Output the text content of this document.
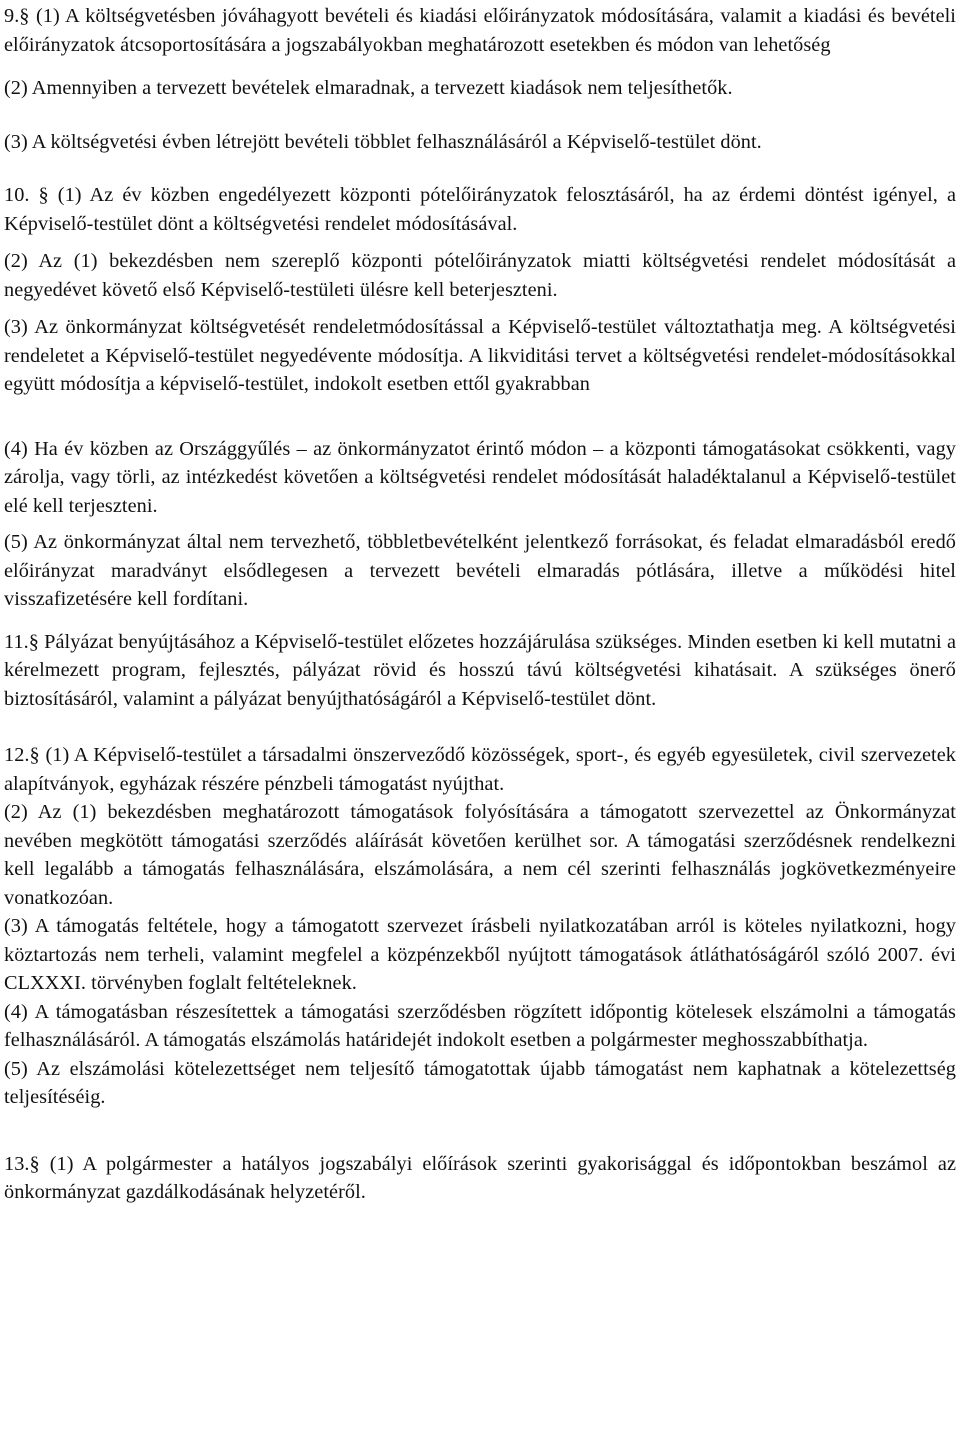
9.§ (1) A költségvetésben jóváhagyott bevételi és kiadási előirányzatok módosítására, valamit a kiadási és bevételi előirányzatok átcsoportosítására a jogszabályokban meghatározott esetekben és módon van lehetőség

(2) Amennyiben a tervezett bevételek elmaradnak, a tervezett kiadások nem teljesíthetők.

(3) A költségvetési évben létrejött bevételi többlet felhasználásáról a Képviselő-testület dönt.

10. § (1) Az év közben engedélyezett központi pótelőirányzatok felosztásáról, ha az érdemi döntést igényel, a Képviselő-testület dönt a költségvetési rendelet módosításával.

(2) Az (1) bekezdésben nem szereplő központi pótelőirányzatok miatti költségvetési rendelet módosítását a negyedévet követő első Képviselő-testületi ülésre kell beterjeszteni.

(3) Az önkormányzat költségvetését rendeletmódosítással a Képviselő-testület változtathatja meg. A költségvetési rendeletet a Képviselő-testület negyedévente módosítja. A likviditási tervet a költségvetési rendelet-módosításokkal együtt módosítja a képviselő-testület, indokolt esetben ettől gyakrabban

(4) Ha év közben az Országgyűlés – az önkormányzatot érintő módon – a központi támogatásokat csökkenti, vagy zárolja, vagy törli, az intézkedést követően a költségvetési rendelet módosítását haladéktalanul a Képviselő-testület elé kell terjeszteni.

(5) Az önkormányzat által nem tervezhető, többletbevételként jelentkező forrásokat, és feladat elmaradásból eredő előirányzat maradványt elsődlegesen a tervezett bevételi elmaradás pótlására, illetve a működési hitel visszafizetésére kell fordítani.

11.§ Pályázat benyújtásához a Képviselő-testület előzetes hozzájárulása szükséges. Minden esetben ki kell mutatni a kérelmezett program, fejlesztés, pályázat rövid és hosszú távú költségvetési kihatásait. A szükséges önerő biztosításáról, valamint a pályázat benyújthatóságáról a Képviselő-testület dönt.

12.§ (1) A Képviselő-testület a társadalmi önszerveződő közösségek, sport-, és egyéb egyesületek, civil szervezetek alapítványok, egyházak részére pénzbeli támogatást nyújthat.

(2) Az (1) bekezdésben meghatározott támogatások folyósítására a támogatott szervezettel az Önkormányzat nevében megkötött támogatási szerződés aláírását követően kerülhet sor. A támogatási szerződésnek rendelkezni kell legalább a támogatás felhasználására, elszámolására, a nem cél szerinti felhasználás jogkövetkezményeire vonatkozóan.

(3) A támogatás feltétele, hogy a támogatott szervezet írásbeli nyilatkozatában arról is köteles nyilatkozni, hogy köztartozás nem terheli, valamint megfelel a közpénzekből nyújtott támogatások átláthatóságáról szóló 2007. évi CLXXXI. törvényben foglalt feltételeknek.

(4) A támogatásban részesítettek a támogatási szerződésben rögzített időpontig kötelesek elszámolni a támogatás felhasználásáról. A támogatás elszámolás határidejét indokolt esetben a polgármester meghosszabbíthatja.

(5) Az elszámolási kötelezettséget nem teljesítő támogatottak újabb támogatást nem kaphatnak a kötelezettség teljesítéséig.

13.§ (1) A polgármester a hatályos jogszabályi előírások szerinti gyakorisággal és időpontokban beszámol az önkormányzat gazdálkodásának helyzetéről.
